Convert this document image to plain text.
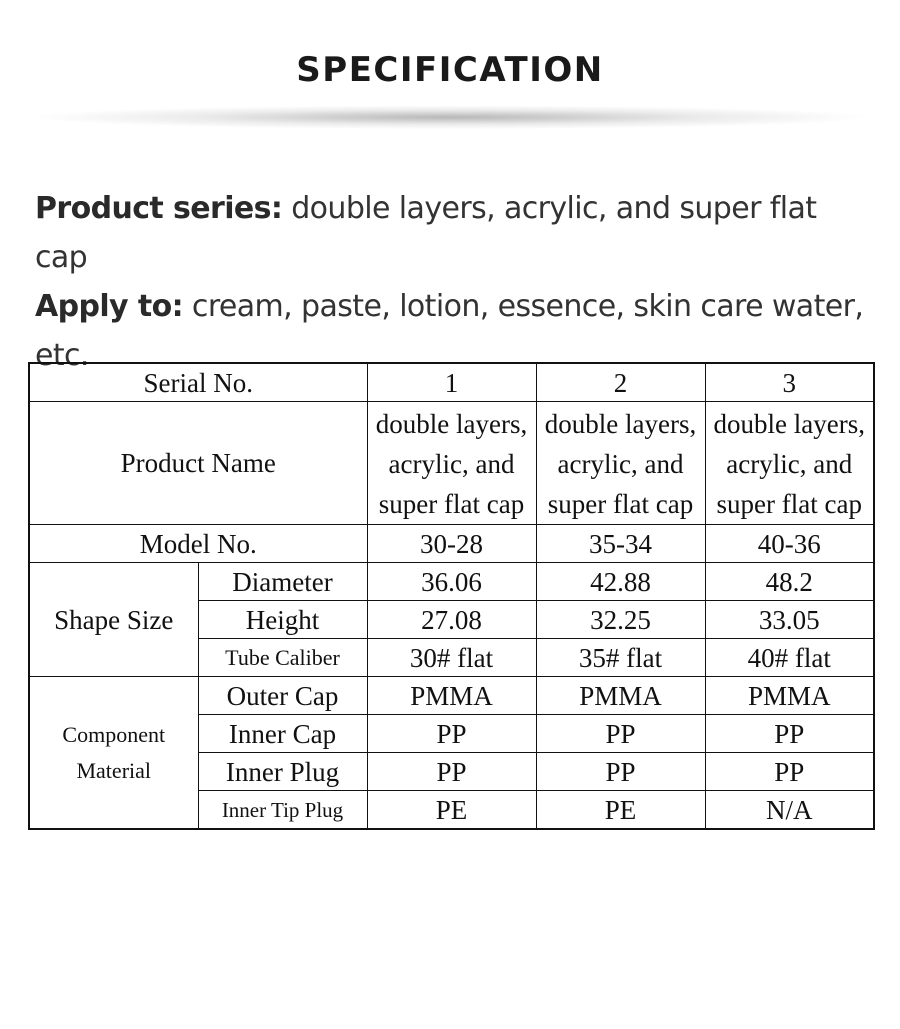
SPECIFICATION

Product series: double layers, acrylic, and super flat cap

Apply to: cream, paste, lotion, essence, skin care water, etc.

Serial No.		1	2	3
Product Name		double layers, acrylic, and super flat cap	double layers, acrylic, and super flat cap	double layers, acrylic, and super flat cap
Model No.		30-28	35-34	40-36
Shape Size	Diameter	36.06	42.88	48.2
	Height	27.08	32.25	33.05
	Tube Caliber	30# flat	35# flat	40# flat
Component Material	Outer Cap	PMMA	PMMA	PMMA
	Inner Cap	PP	PP	PP
	Inner Plug	PP	PP	PP
	Inner Tip Plug	PE	PE	N/A
